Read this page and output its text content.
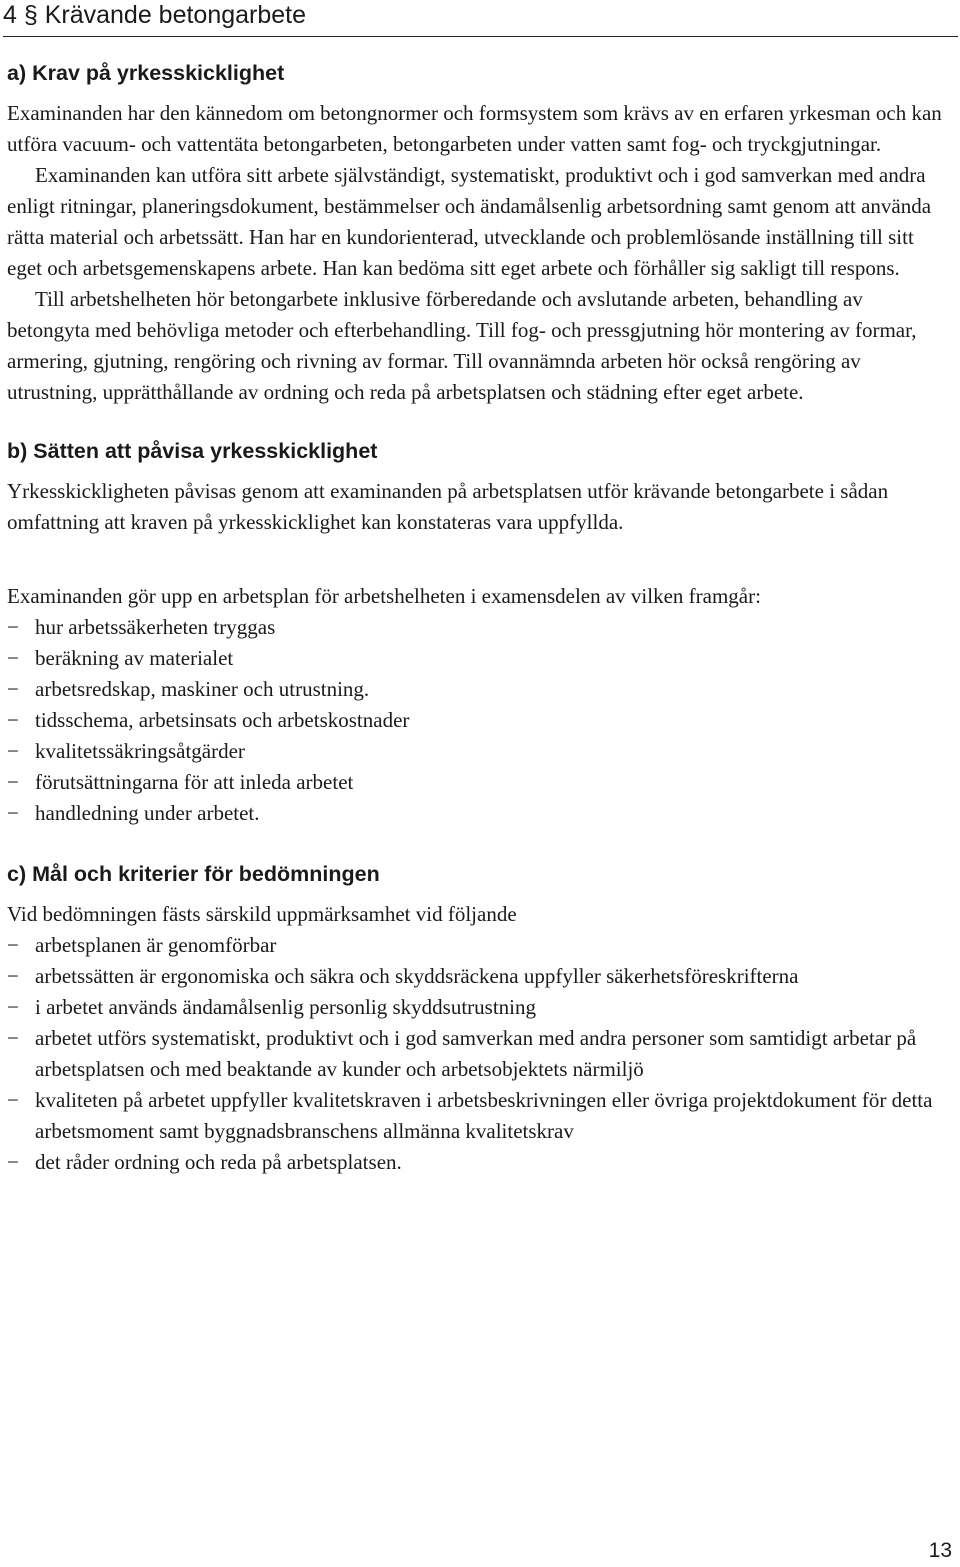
4 § Krävande betongarbete
a) Krav på yrkesskicklighet

Examinanden har den kännedom om betongnormer och formsystem som krävs av en erfaren yrkesman och kan utföra vacuum- och vattentäta betongarbeten, betongarbeten under vatten samt fog- och tryckgjutningar.

Examinanden kan utföra sitt arbete självständigt, systematiskt, produktivt och i god samverkan med andra enligt ritningar, planeringsdokument, bestämmelser och ändamålsenlig arbetsordning samt genom att använda rätta material och arbetssätt. Han har en kundorienterad, utvecklande och problemlösande inställning till sitt eget och arbetsgemenskapens arbete. Han kan bedöma sitt eget arbete och förhåller sig sakligt till respons.

Till arbetshelheten hör betongarbete inklusive förberedande och avslutande arbeten, behandling av betongyta med behövliga metoder och efterbehandling. Till fog- och pressgjutning hör montering av formar, armering, gjutning, rengöring och rivning av formar. Till ovannämnda arbeten hör också rengöring av utrustning, upprätthållande av ordning och reda på arbetsplatsen och städning efter eget arbete.

b) Sätten att påvisa yrkesskicklighet

Yrkesskickligheten påvisas genom att examinanden på arbetsplatsen utför krävande betongarbete i sådan omfattning att kraven på yrkesskicklighet kan konstateras vara uppfyllda.

Examinanden gör upp en arbetsplan för arbetshelheten i examensdelen av vilken framgår:

− hur arbetssäkerheten tryggas
− beräkning av materialet
− arbetsredskap, maskiner och utrustning.
− tidsschema, arbetsinsats och arbetskostnader
− kvalitetssäkringsåtgärder
− förutsättningarna för att inleda arbetet
− handledning under arbetet.
c) Mål och kriterier för bedömningen

Vid bedömningen fästs särskild uppmärksamhet vid följande

− arbetsplanen är genomförbar
− arbetssätten är ergonomiska och säkra och skyddsräckena uppfyller säkerhetsföreskrifterna
− i arbetet används ändamålsenlig personlig skyddsutrustning
− arbetet utförs systematiskt, produktivt och i god samverkan med andra personer som samtidigt arbetar på arbetsplatsen och med beaktande av kunder och arbetsobjektets närmiljö
− kvaliteten på arbetet uppfyller kvalitetskraven i arbetsbeskrivningen eller övriga projektdokument för detta arbetsmoment samt byggnadsbranschens allmänna kvalitetskrav
− det råder ordning och reda på arbetsplatsen.
13
